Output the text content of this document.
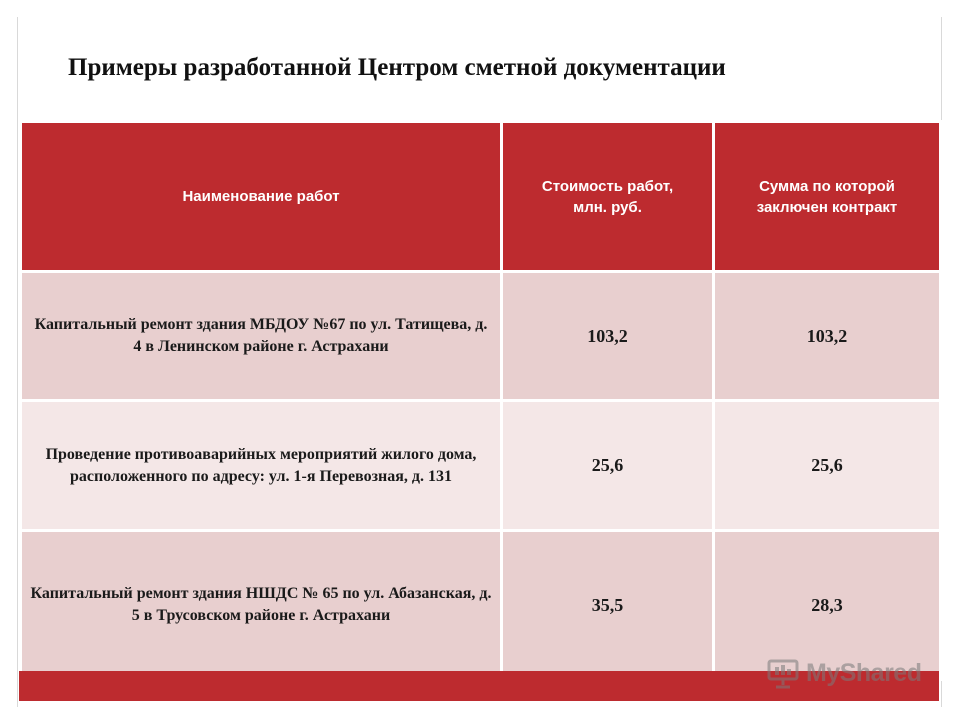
Примеры разработанной Центром сметной документации
Наименование работ	Стоимость работ, млн. руб.	Сумма по которой заключен контракт
Капитальный ремонт здания МБДОУ №67 по ул. Татищева, д. 4 в Ленинском районе г. Астрахани	103,2	103,2
Проведение противоаварийных мероприятий жилого дома, расположенного по адресу: ул. 1-я Перевозная, д. 131	25,6	25,6
Капитальный ремонт здания НШДС № 65 по ул. Абазанская, д. 5 в Трусовском районе г. Астрахани	35,5	28,3
MyShared
